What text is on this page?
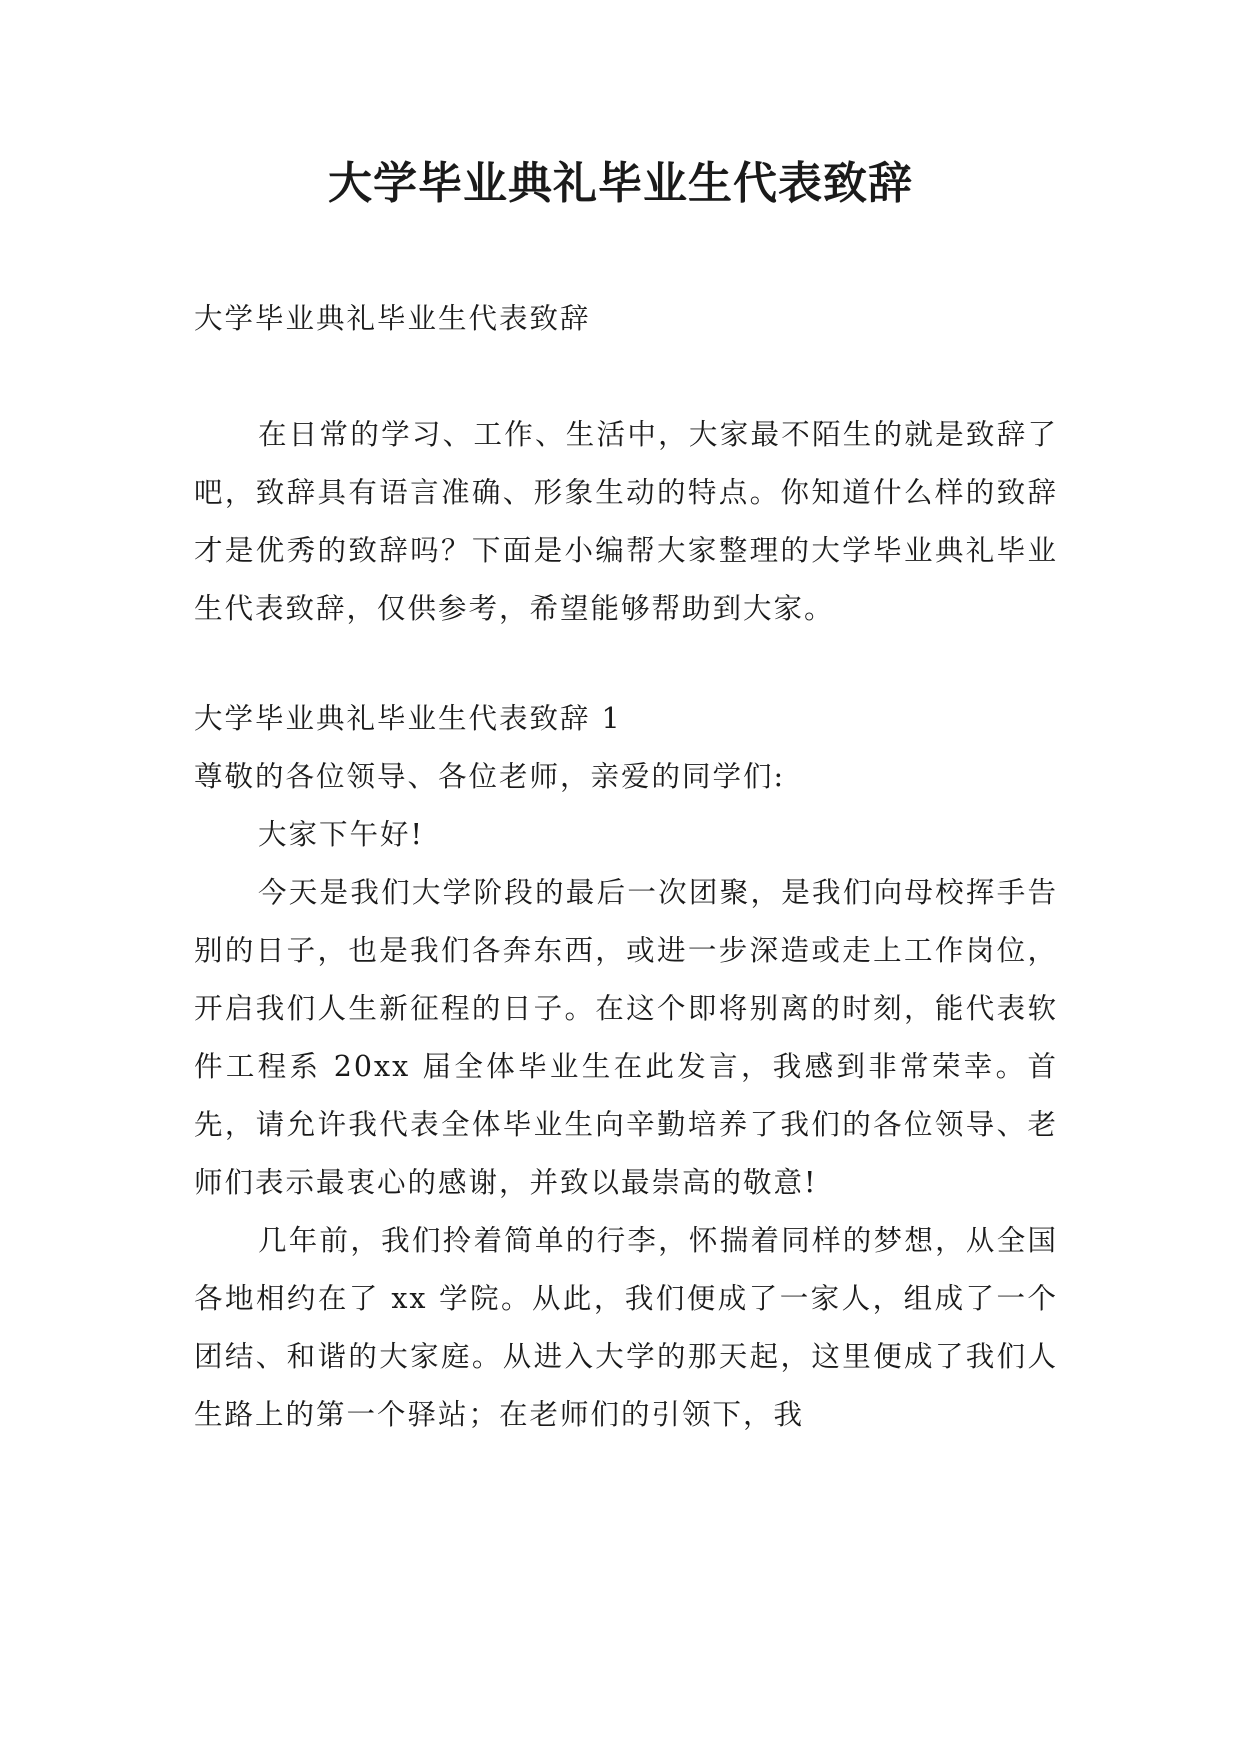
大学毕业典礼毕业生代表致辞

大学毕业典礼毕业生代表致辞

在日常的学习、工作、生活中，大家最不陌生的就是致辞了吧，致辞具有语言准确、形象生动的特点。你知道什么样的致辞才是优秀的致辞吗？下面是小编帮大家整理的大学毕业典礼毕业生代表致辞，仅供参考，希望能够帮助到大家。

大学毕业典礼毕业生代表致辞 1

尊敬的各位领导、各位老师，亲爱的同学们:

大家下午好!

今天是我们大学阶段的最后一次团聚，是我们向母校挥手告别的日子，也是我们各奔东西，或进一步深造或走上工作岗位，开启我们人生新征程的日子。在这个即将别离的时刻，能代表软件工程系 20xx 届全体毕业生在此发言，我感到非常荣幸。首先，请允许我代表全体毕业生向辛勤培养了我们的各位领导、老师们表示最衷心的感谢，并致以最崇高的敬意!

几年前，我们拎着简单的行李，怀揣着同样的梦想，从全国各地相约在了 xx 学院。从此，我们便成了一家人，组成了一个团结、和谐的大家庭。从进入大学的那天起，这里便成了我们人生路上的第一个驿站；在老师们的引领下，我
